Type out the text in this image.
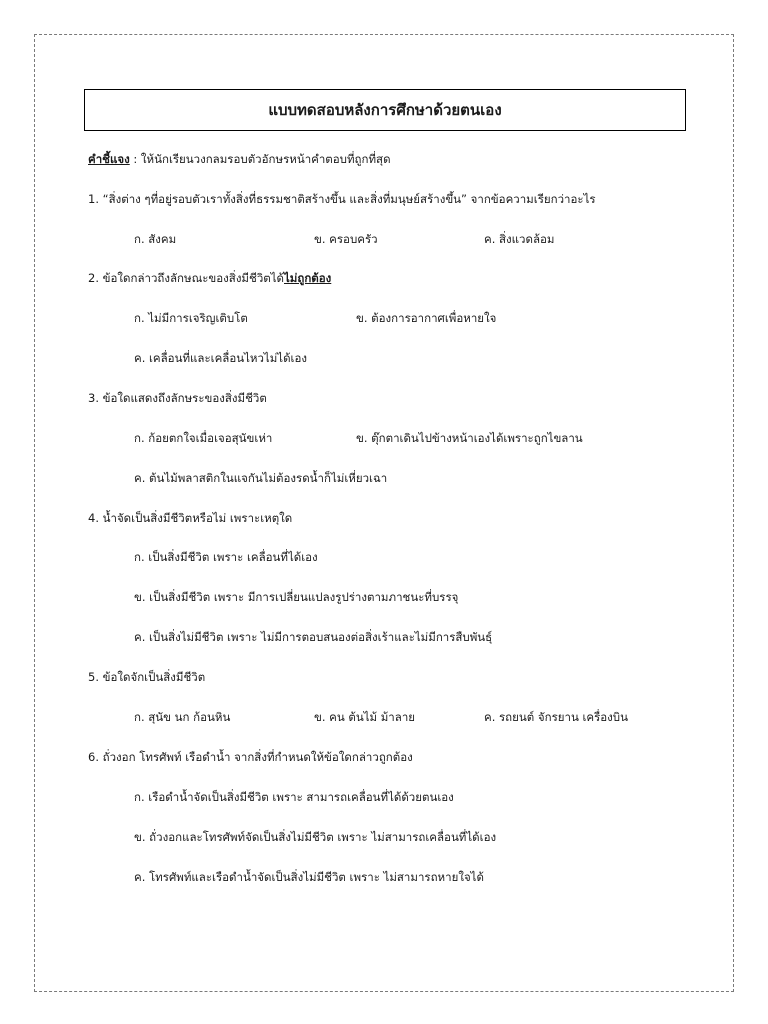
แบบทดสอบหลังการศึกษาด้วยตนเอง
คำชี้แจง : ให้นักเรียนวงกลมรอบตัวอักษรหน้าคำตอบที่ถูกที่สุด
1. “สิ่งต่าง ๆที่อยู่รอบตัวเราทั้งสิ่งที่ธรรมชาติสร้างขึ้น และสิ่งที่มนุษย์สร้างขึ้น” จากข้อความเรียกว่าอะไร
ก. สังคม	ข. ครอบครัว	ค. สิ่งแวดล้อม
2. ข้อใดกล่าวถึงลักษณะของสิ่งมีชีวิตได้ไม่ถูกต้อง
ก. ไม่มีการเจริญเติบโต	ข. ต้องการอากาศเพื่อหายใจ
ค. เคลื่อนที่และเคลื่อนไหวไม่ได้เอง
3. ข้อใดแสดงถึงลักษระของสิ่งมีชีวิต
ก. ก้อยตกใจเมื่อเจอสุนัขเห่า	ข. ตุ๊กตาเดินไปข้างหน้าเองได้เพราะถูกไขลาน
ค. ต้นไม้พลาสติกในแจกันไม่ต้องรดน้ำก็ไม่เหี่ยวเฉา
4. น้ำจัดเป็นสิ่งมีชีวิตหรือไม่ เพราะเหตุใด
ก. เป็นสิ่งมีชีวิต เพราะ เคลื่อนที่ได้เอง
ข. เป็นสิ่งมีชีวิต เพราะ มีการเปลี่ยนแปลงรูปร่างตามภาชนะที่บรรจุ
ค. เป็นสิ่งไม่มีชีวิต เพราะ ไม่มีการตอบสนองต่อสิ่งเร้าและไม่มีการสืบพันธุ์
5. ข้อใดจักเป็นสิ่งมีชีวิต
ก. สุนัข นก ก้อนหิน	ข. คน ต้นไม้ ม้าลาย	ค. รถยนต์ จักรยาน เครื่องบิน
6. ถั่วงอก โทรศัพท์ เรือดำน้ำ จากสิ่งที่กำหนดให้ข้อใดกล่าวถูกต้อง
ก. เรือดำน้ำจัดเป็นสิ่งมีชีวิต เพราะ สามารถเคลื่อนที่ได้ด้วยตนเอง
ข. ถั่วงอกและโทรศัพท์จัดเป็นสิ่งไม่มีชีวิต เพราะ ไม่สามารถเคลื่อนที่ได้เอง
ค. โทรศัพท์และเรือดำน้ำจัดเป็นสิ่งไม่มีชีวิต เพราะ ไม่สามารถหายใจได้
